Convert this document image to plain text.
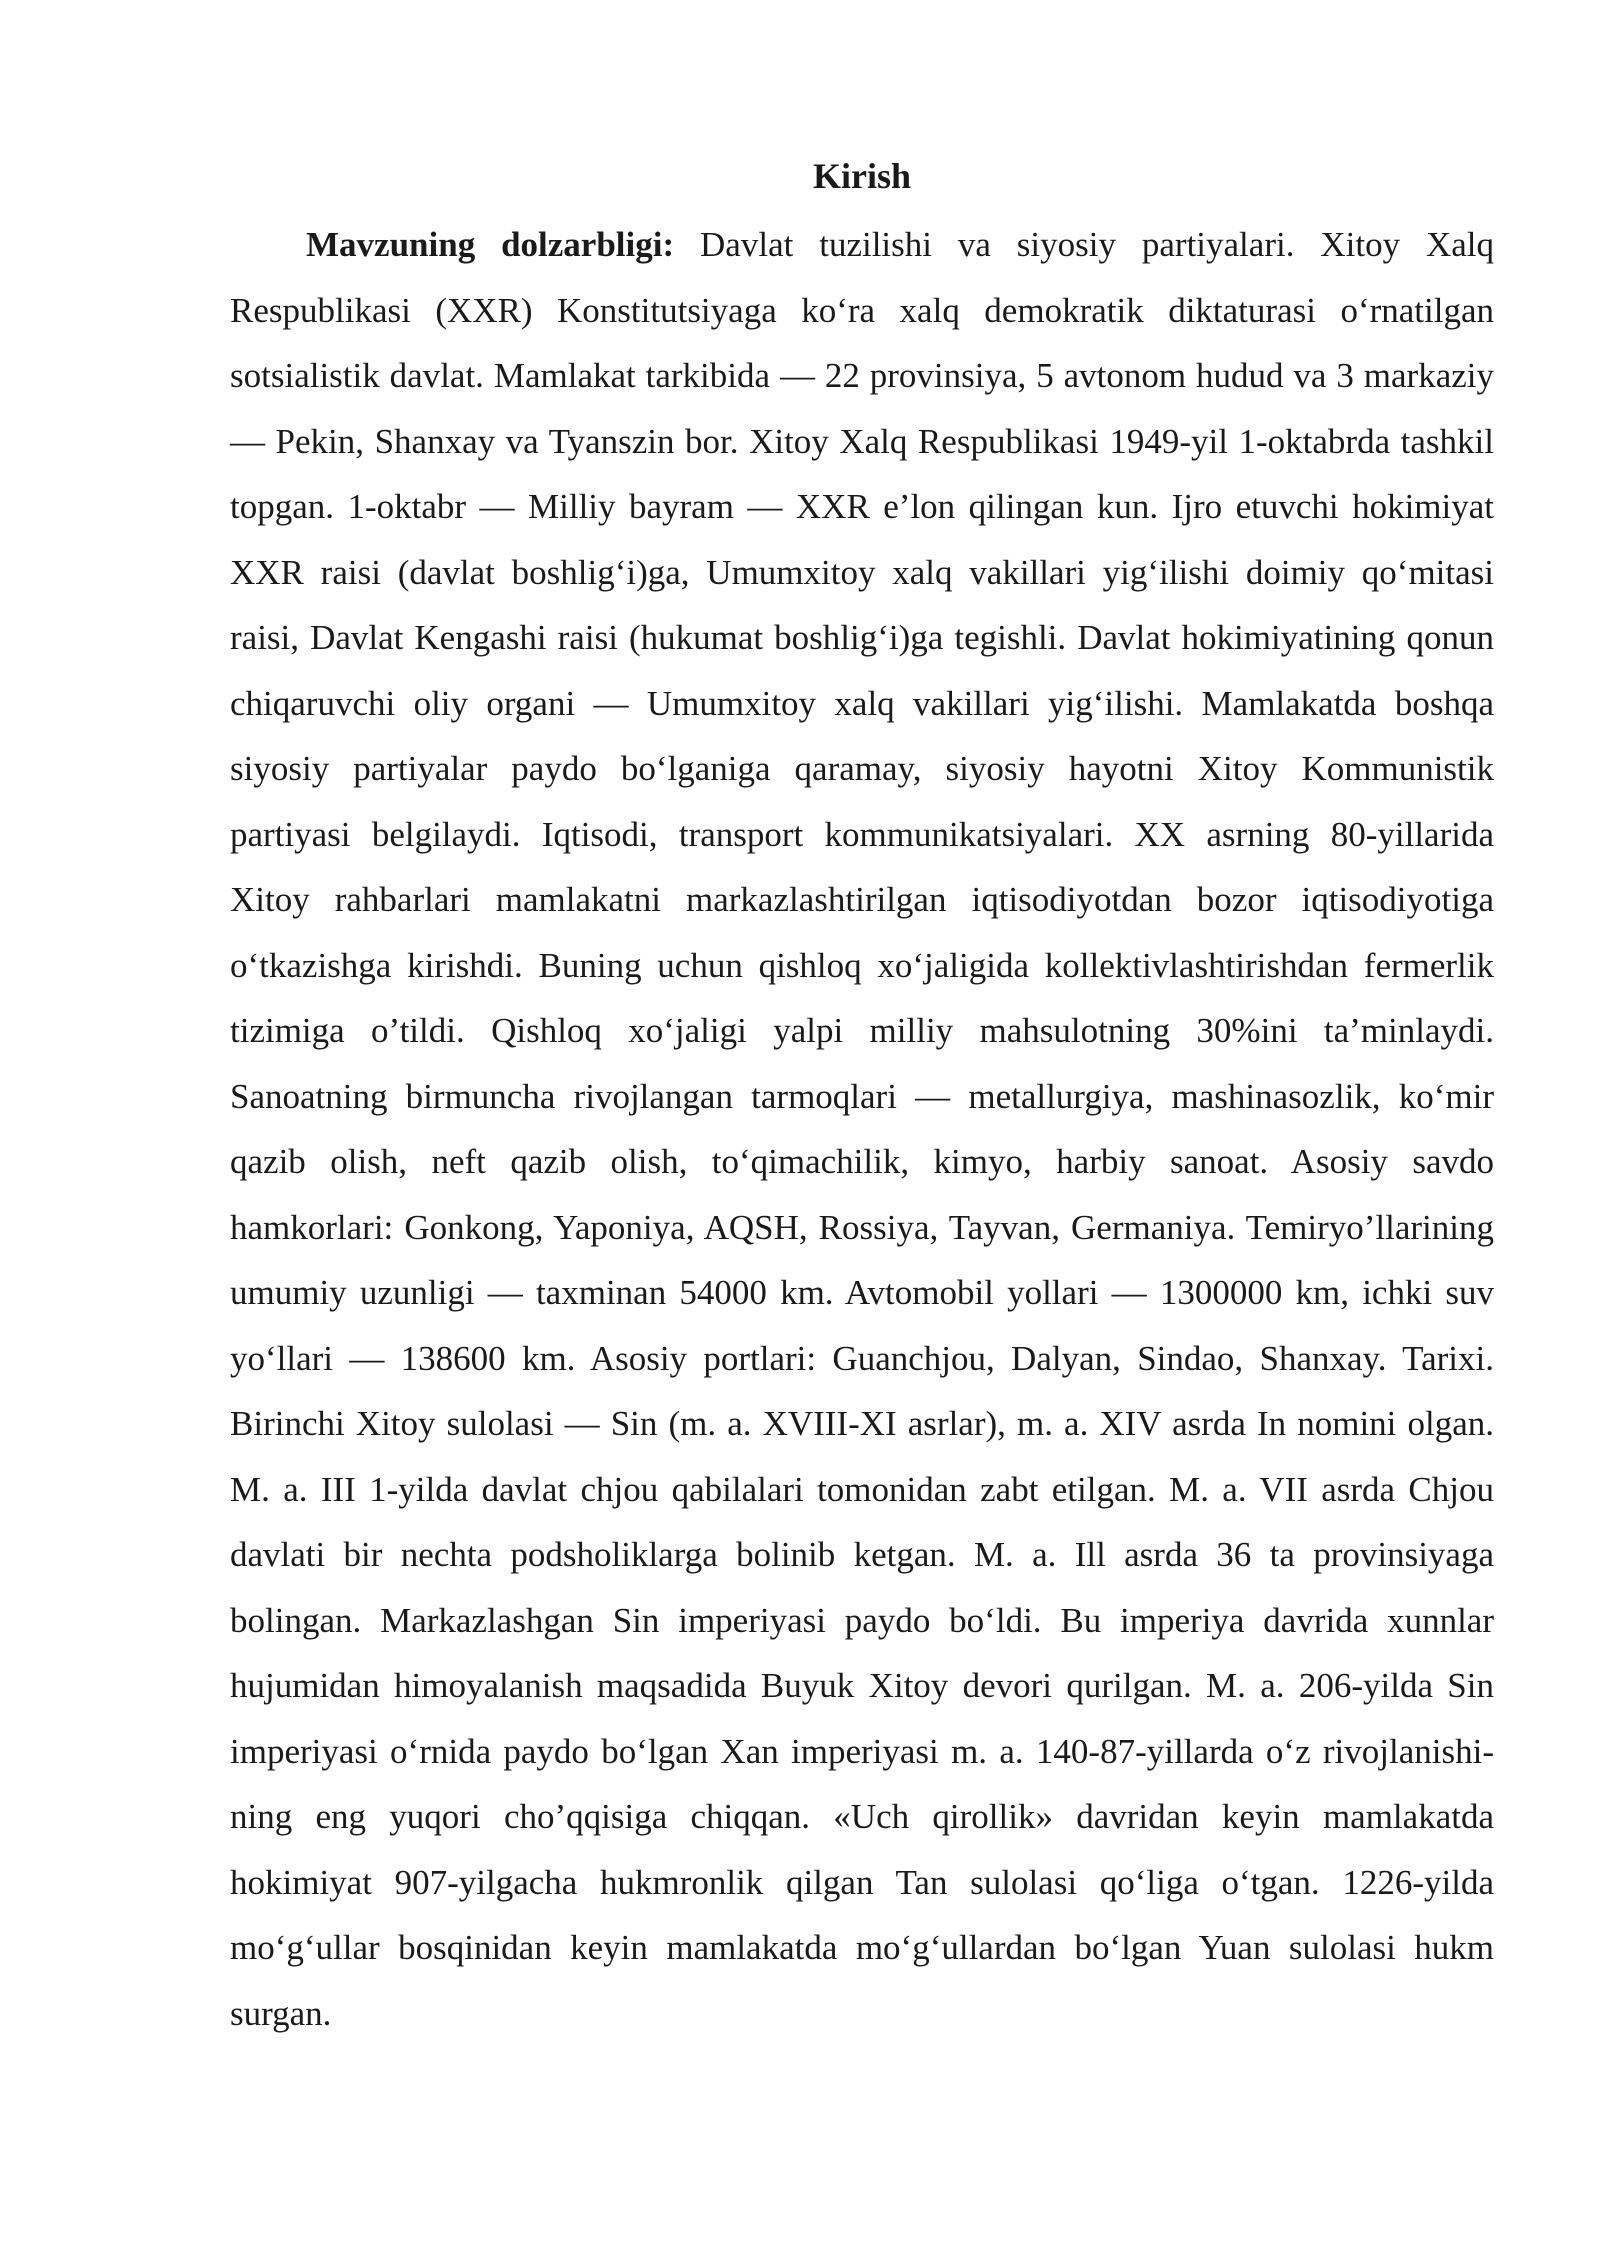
Kirish

Mavzuning dolzarbligi: Davlat tuzilishi va siyosiy partiyalari. Xitoy Xalq Respublikasi (XXR) Konstitutsiyaga ko‘ra xalq demokratik diktaturasi o‘rnatilgan sotsialistik davlat. Mamlakat tarkibida — 22 provinsiya, 5 avtonom hudud va 3 markaziy — Pekin, Shanxay va Tyanszin bor. Xitoy Xalq Respublikasi 1949-yil 1-oktabrda tashkil topgan. 1-oktabr — Milliy bayram — XXR e’lon qilingan kun. Ijro etuvchi hokimiyat XXR raisi (davlat boshlig‘i)ga, Umumxitoy xalq vakillari yig‘ilishi doimiy qo‘mitasi raisi, Davlat Kengashi raisi (hukumat boshlig‘i)ga tegishli. Davlat hokimiyatining qonun chiqaruvchi oliy organi — Umumxitoy xalq vakillari yig‘ilishi. Mamlakatda boshqa siyosiy partiyalar paydo bo‘lganiga qaramay, siyosiy hayotni Xitoy Kommunistik partiyasi belgilaydi. Iqtisodi, transport kommunikatsiyalari. XX asrning 80-yillarida Xitoy rahbarlari mamlakatni markazlashtirilgan iqtisodiyotdan bozor iqtisodiyotiga o‘tkazishga kirishdi. Buning uchun qishloq xo‘jaligida kollektivlashtirishdan fermerlik tizimiga o’tildi. Qishloq xo‘jaligi yalpi milliy mahsulotning 30%ini ta’minlaydi. Sanoatning birmuncha rivojlangan tarmoqlari — metallurgiya, mashinasozlik, ko‘mir qazib olish, neft qazib olish, to‘qimachilik, kimyo, harbiy sanoat. Asosiy savdo hamkorlari: Gonkong, Yaponiya, AQSH, Rossiya, Tayvan, Germaniya. Temiryo’llarining umumiy uzunligi — taxminan 54000 km. Avtomobil yollari — 1300000 km, ichki suv yo‘llari — 138600 km. Asosiy portlari: Guanchjou, Dalyan, Sindao, Shanxay. Tarixi. Birinchi Xitoy sulolasi — Sin (m. a. XVIII-XI asrlar), m. a. XIV asrda In nomini olgan. M. a. III 1-yilda davlat chjou qabilalari tomonidan zabt etilgan. M. a. VII asrda Chjou davlati bir nechta podsholiklarga bolinib ketgan. M. a. Ill asrda 36 ta provinsiyaga bolingan. Markazlashgan Sin imperiyasi paydo bo‘ldi. Bu imperiya davrida xunnlar hujumidan himoyalanish maqsadida Buyuk Xitoy devori qurilgan. M. a. 206-yilda Sin imperiyasi o‘rnida paydo bo‘lgan Xan imperiyasi m. a. 140-87-yillarda o‘z rivojlanishi- ning eng yuqori cho’qqisiga chiqqan. «Uch qirollik» davridan keyin mamlakatda hokimiyat 907-yilgacha hukmronlik qilgan Tan sulolasi qo‘liga o‘tgan. 1226-yilda mo‘g‘ullar bosqinidan keyin mamlakatda mo‘g‘ullardan bo‘lgan Yuan sulolasi hukm surgan.
